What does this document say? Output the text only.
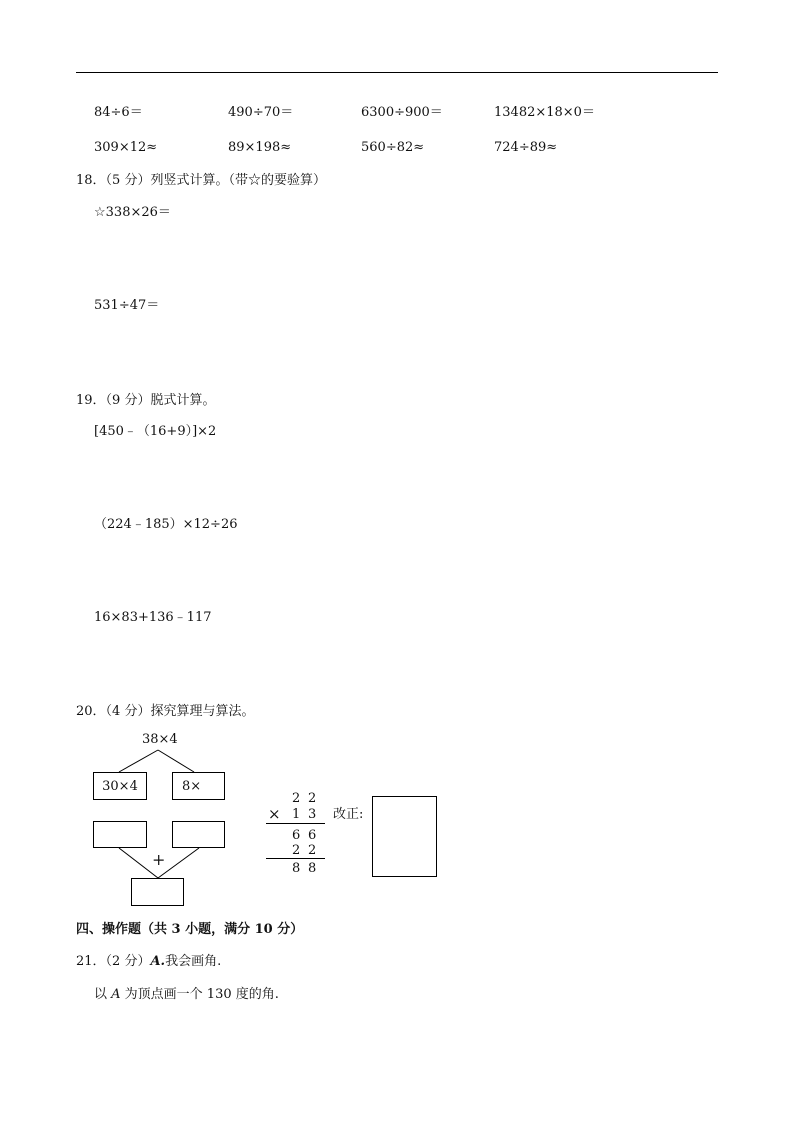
84÷6＝	490÷70＝	6300÷900＝	13482×18×0＝
309×12≈	89×198≈	560÷82≈	724÷89≈
18．（5 分）列竖式计算。（带☆的要验算）
☆338×26＝
531÷47＝
19．（9 分）脱式计算。
[450﹣（16+9）]×2
（224﹣185）×12÷26
16×83+136﹣117
20．（4 分）探究算理与算法。
38×4
30×4	8×
+
2 2
× 1 3
6 6
2 2
8 8
改正:
四、操作题（共 3 小题，满分 10 分）
21．（2 分）A.我会画角.
以 A 为顶点画一个 130 度的角.
